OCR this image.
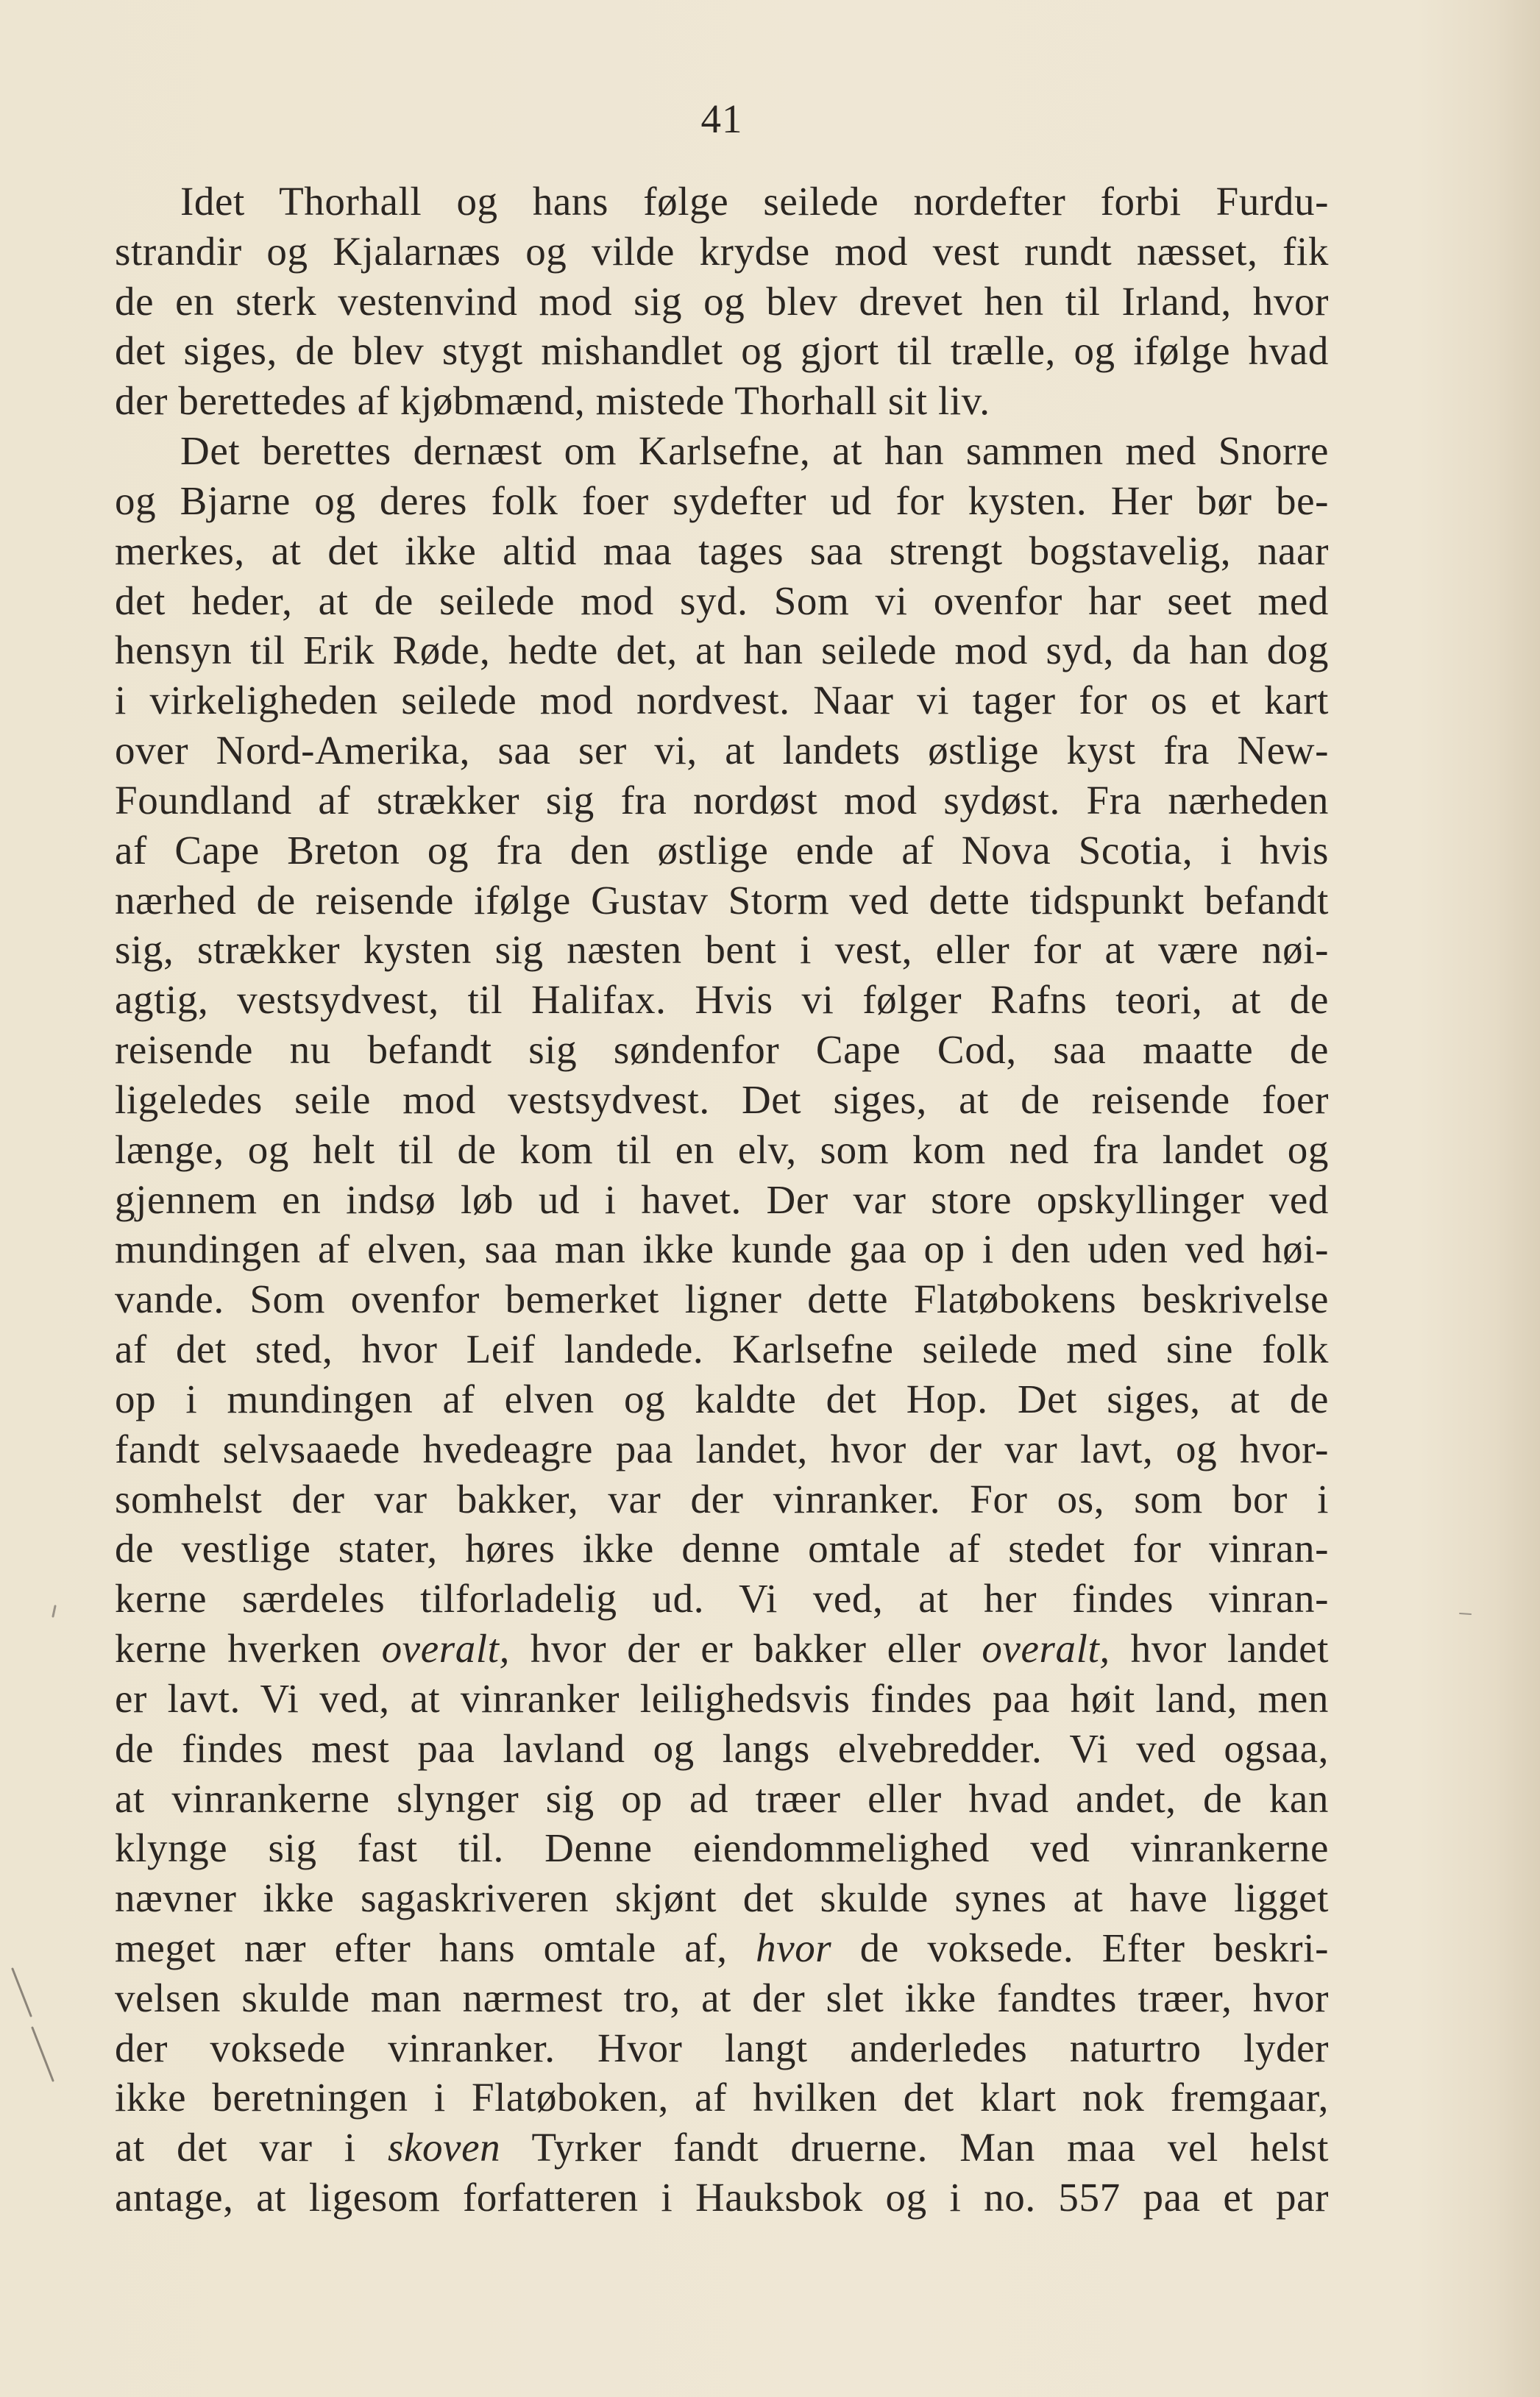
41
Idet Thorhall og hans følge seilede nordefter forbi Furdu-
strandir og Kjalarnæs og vilde krydse mod vest rundt næsset, fik
de en sterk vestenvind mod sig og blev drevet hen til Irland, hvor
det siges, de blev stygt mishandlet og gjort til trælle, og ifølge hvad
der berettedes af kjøbmænd, mistede Thorhall sit liv.
Det berettes dernæst om Karlsefne, at han sammen med Snorre
og Bjarne og deres folk foer sydefter ud for kysten. Her bør be-
merkes, at det ikke altid maa tages saa strengt bogstavelig, naar
det heder, at de seilede mod syd. Som vi ovenfor har seet med
hensyn til Erik Røde, hedte det, at han seilede mod syd, da han dog
i virkeligheden seilede mod nordvest. Naar vi tager for os et kart
over Nord-Amerika, saa ser vi, at landets østlige kyst fra New-
Foundland af strækker sig fra nordøst mod sydøst. Fra nærheden
af Cape Breton og fra den østlige ende af Nova Scotia, i hvis
nærhed de reisende ifølge Gustav Storm ved dette tidspunkt befandt
sig, strækker kysten sig næsten bent i vest, eller for at være nøi-
agtig, vestsydvest, til Halifax. Hvis vi følger Rafns teori, at de
reisende nu befandt sig søndenfor Cape Cod, saa maatte de
ligeledes seile mod vestsydvest. Det siges, at de reisende foer
længe, og helt til de kom til en elv, som kom ned fra landet og
gjennem en indsø løb ud i havet. Der var store opskyllinger ved
mundingen af elven, saa man ikke kunde gaa op i den uden ved høi-
vande. Som ovenfor bemerket ligner dette Flatøbokens beskrivelse
af det sted, hvor Leif landede. Karlsefne seilede med sine folk
op i mundingen af elven og kaldte det Hop. Det siges, at de
fandt selvsaaede hvedeagre paa landet, hvor der var lavt, og hvor-
somhelst der var bakker, var der vinranker. For os, som bor i
de vestlige stater, høres ikke denne omtale af stedet for vinran-
kerne særdeles tilforladelig ud. Vi ved, at her findes vinran-
kerne hverken overalt, hvor der er bakker eller overalt, hvor landet
er lavt. Vi ved, at vinranker leilighedsvis findes paa høit land, men
de findes mest paa lavland og langs elvebredder. Vi ved ogsaa,
at vinrankerne slynger sig op ad træer eller hvad andet, de kan
klynge sig fast til. Denne eiendommelighed ved vinrankerne
nævner ikke sagaskriveren skjønt det skulde synes at have ligget
meget nær efter hans omtale af, hvor de voksede. Efter beskri-
velsen skulde man nærmest tro, at der slet ikke fandtes træer, hvor
der voksede vinranker. Hvor langt anderledes naturtro lyder
ikke beretningen i Flatøboken, af hvilken det klart nok fremgaar,
at det var i skoven Tyrker fandt druerne. Man maa vel helst
antage, at ligesom forfatteren i Hauksbok og i no. 557 paa et par
